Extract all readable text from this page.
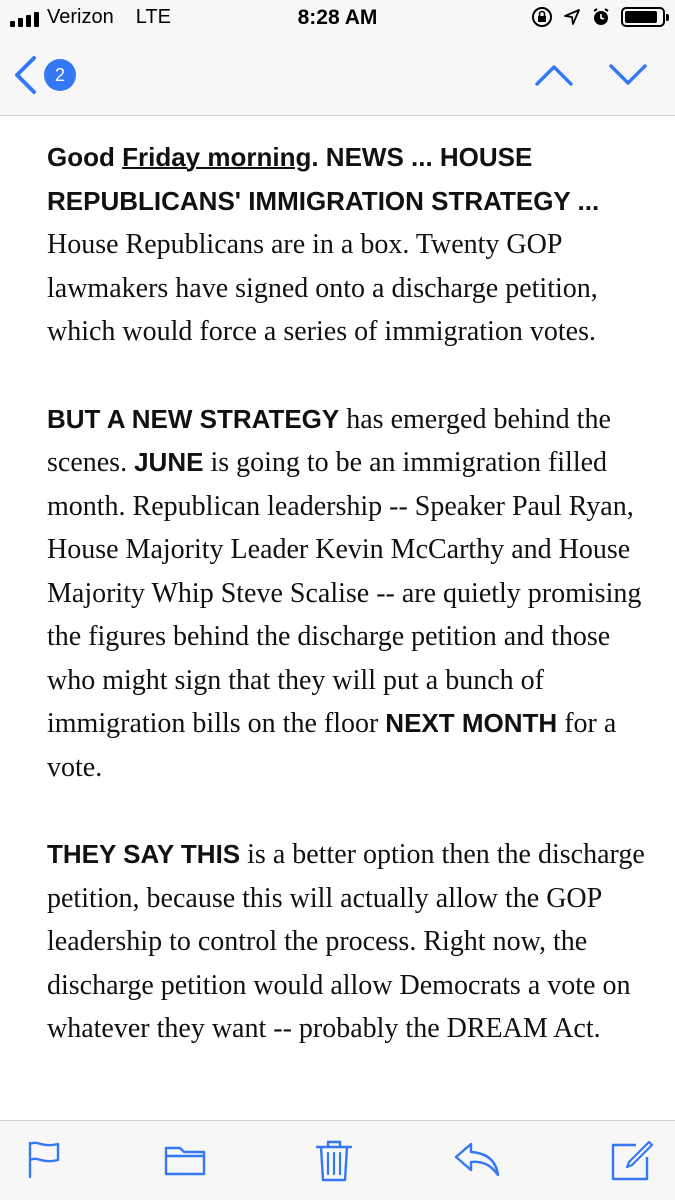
Verizon LTE	8:28 AM
2

Good Friday morning. NEWS ... HOUSE REPUBLICANS' IMMIGRATION STRATEGY ... House Republicans are in a box. Twenty GOP lawmakers have signed onto a discharge petition, which would force a series of immigration votes.

BUT A NEW STRATEGY has emerged behind the scenes. JUNE is going to be an immigration filled month. Republican leadership -- Speaker Paul Ryan, House Majority Leader Kevin McCarthy and House Majority Whip Steve Scalise -- are quietly promising the figures behind the discharge petition and those who might sign that they will put a bunch of immigration bills on the floor NEXT MONTH for a vote.

THEY SAY THIS is a better option then the discharge petition, because this will actually allow the GOP leadership to control the process. Right now, the discharge petition would allow Democrats a vote on whatever they want -- probably the DREAM Act.
